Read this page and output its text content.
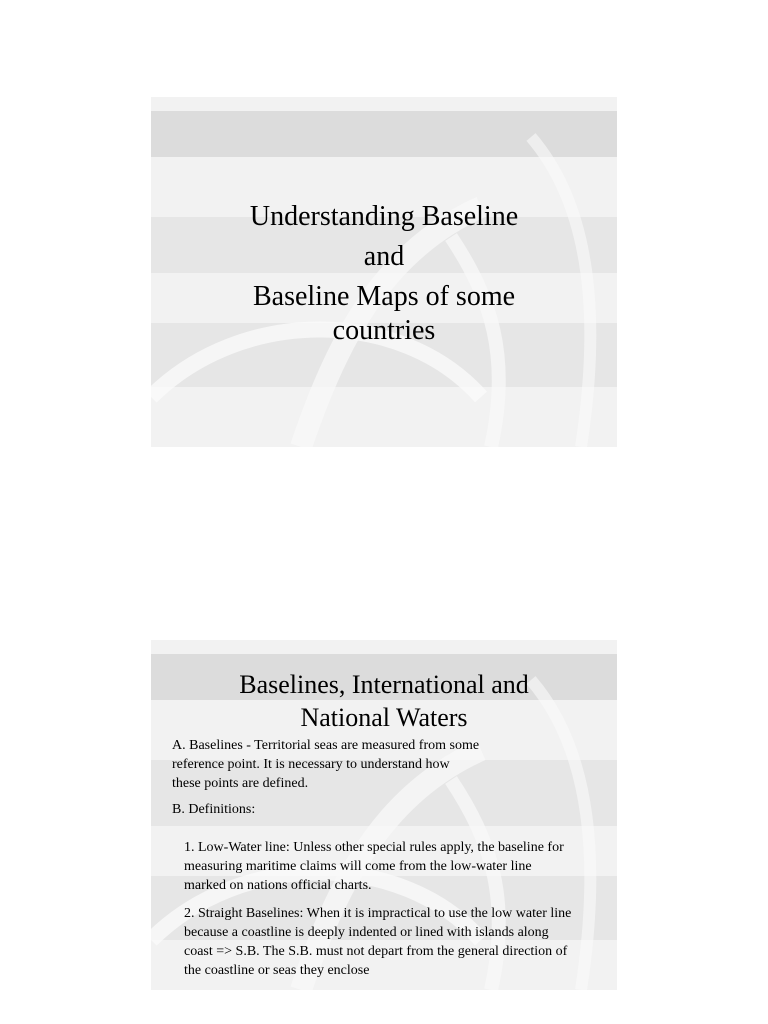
Understanding Baseline
and
Baseline Maps of some
countries
Baselines, International and
National Waters
A. Baselines - Territorial seas are measured from some
reference point. It is necessary to understand how
these points are defined.
B. Definitions:
1. Low-Water line: Unless other special rules apply, the baseline for
measuring maritime claims will come from the low-water line
marked on nations official charts.
2. Straight Baselines: When it is impractical to use the low water line
because a coastline is deeply indented or lined with islands along
coast => S.B. The S.B. must not depart from the general direction of
the coastline or seas they enclose
